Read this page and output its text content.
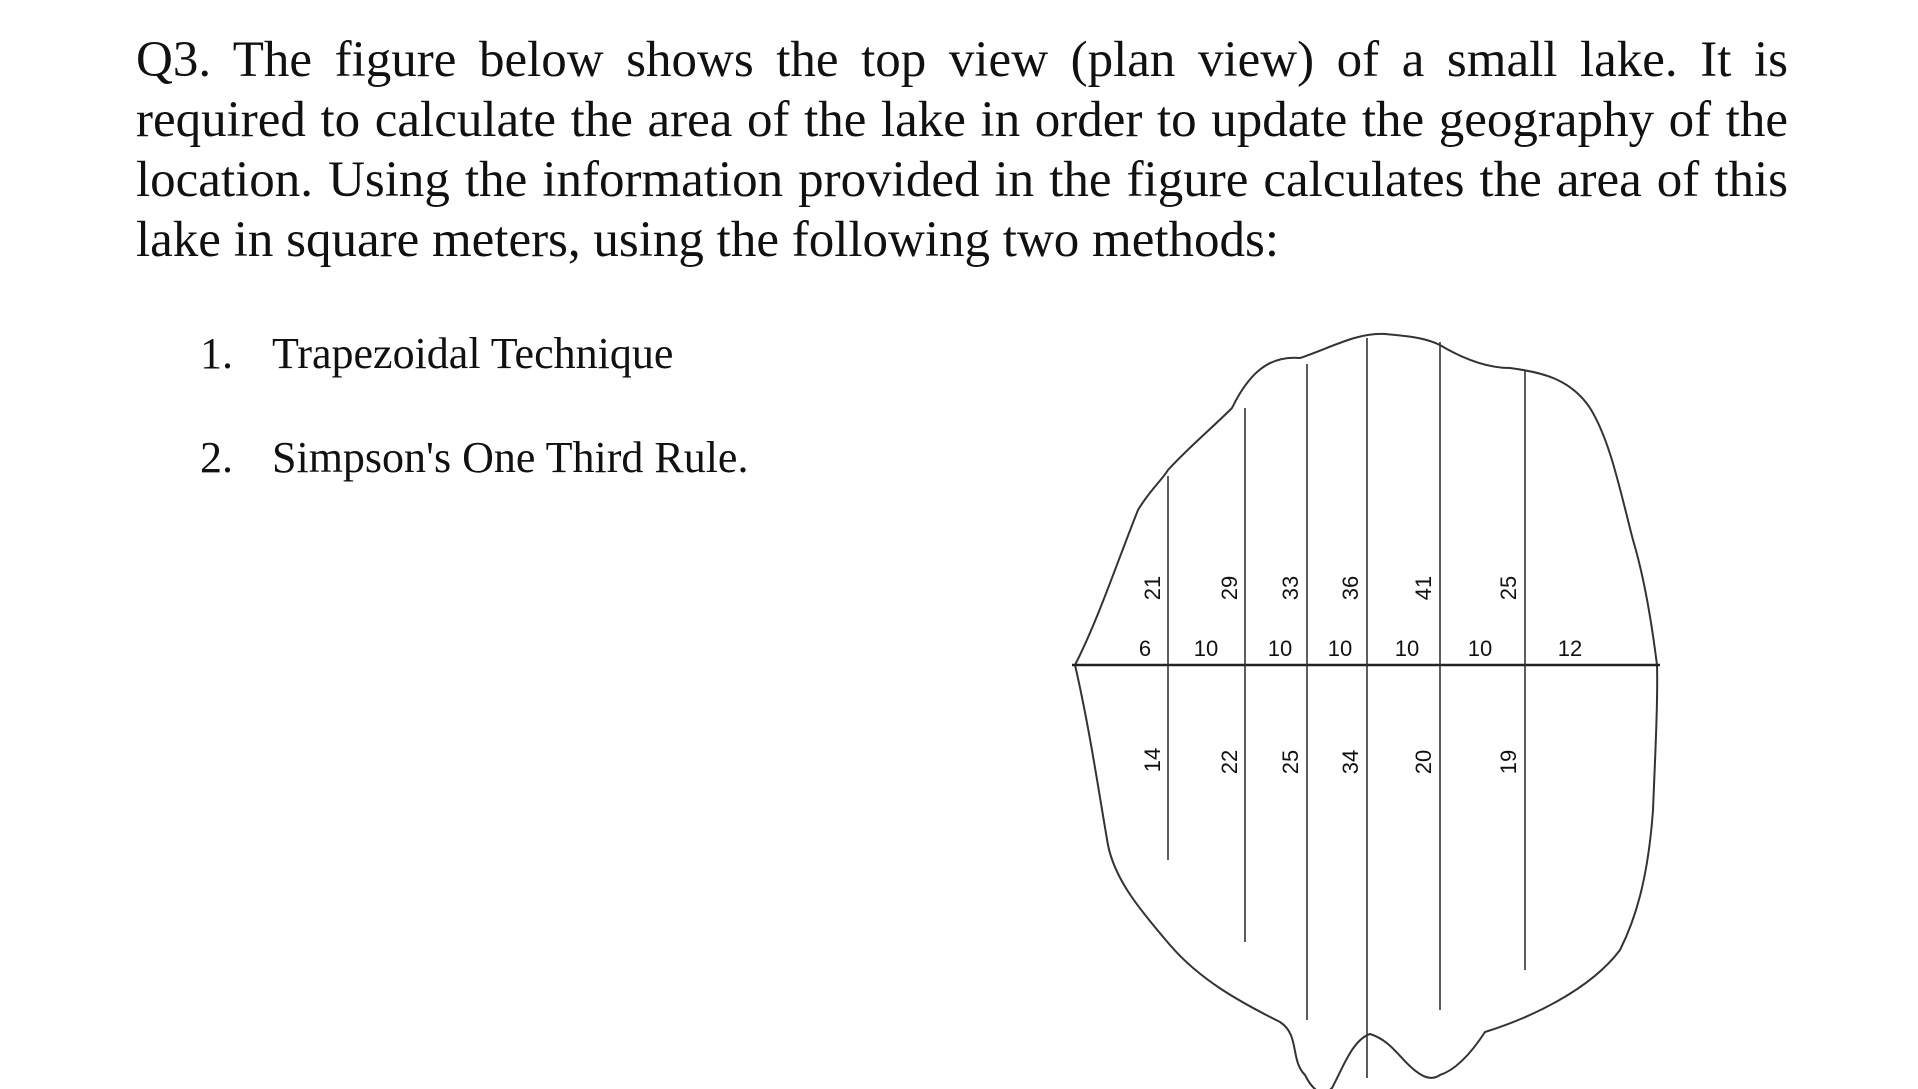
Q3. The figure below shows the top view (plan view) of a small lake. It is required to calculate the area of the lake in order to update the geography of the location. Using the information provided in the figure calculates the area of this lake in square meters, using the following two methods:

1. Trapezoidal Technique
2. Simpson's One Third Rule.
6 10 10 10 10 10	12
21 29 33 36 41	25
14 22 25 34 20	19
